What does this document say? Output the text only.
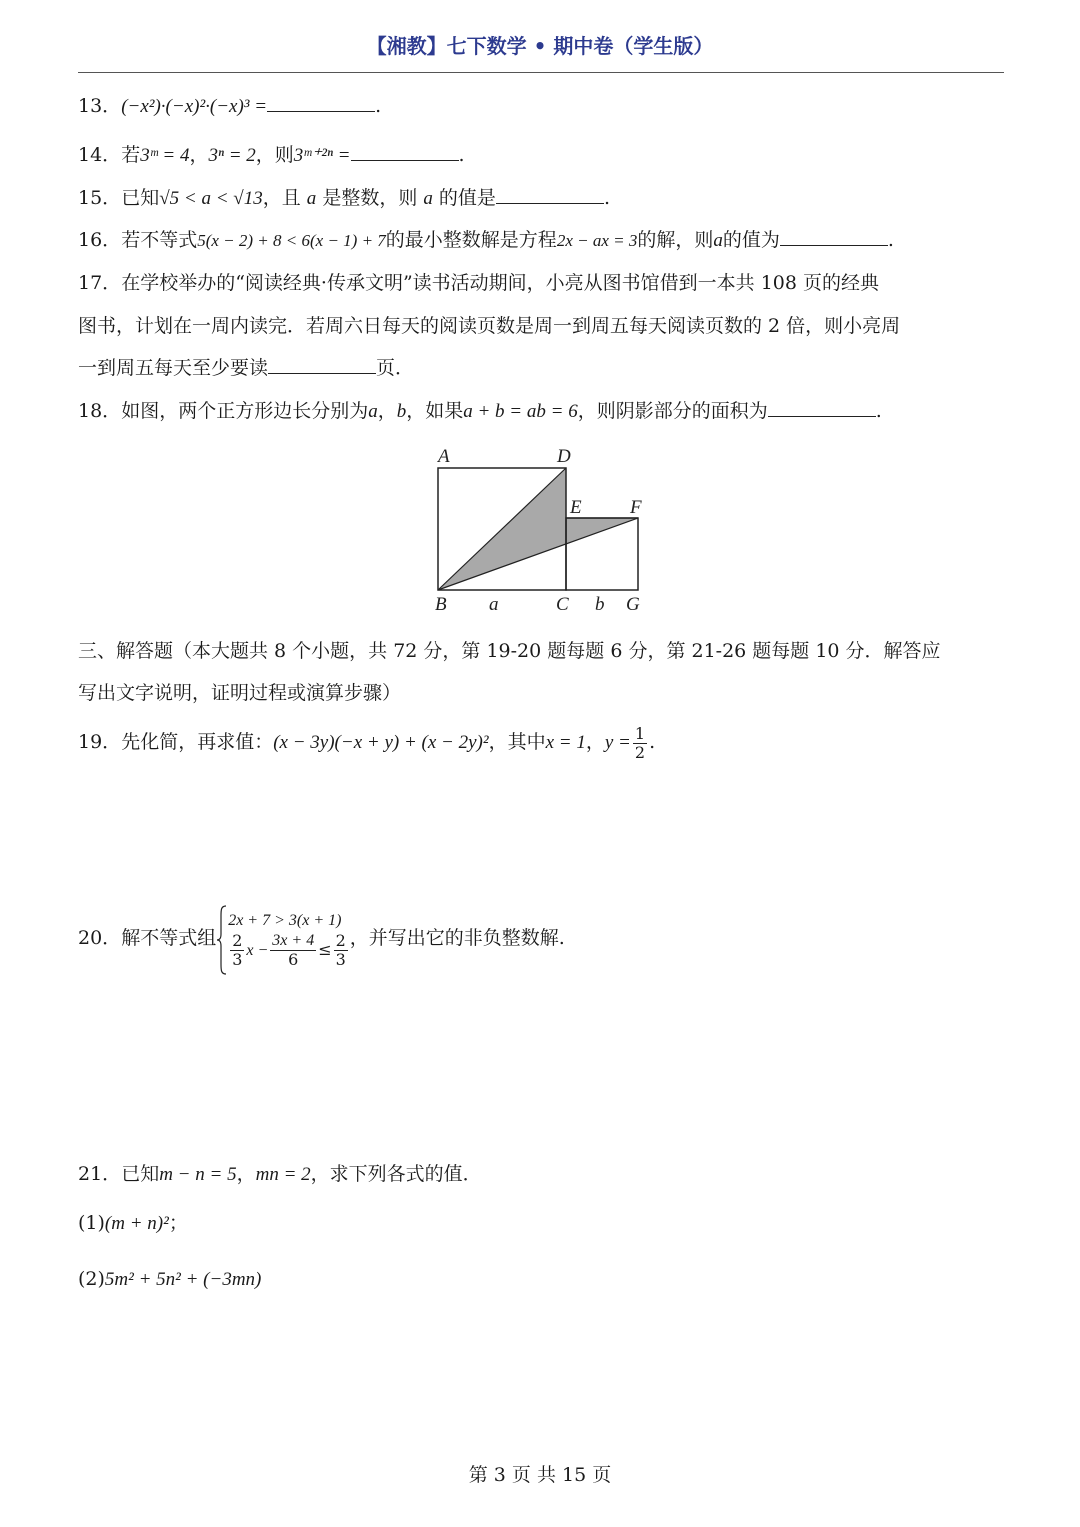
【湘教】七下数学 • 期中卷（学生版）
13．(−x²)·(−x)²·(−x)³ =	.
14．若3ᵐ = 4，3ⁿ = 2，则3ᵐ⁺²ⁿ =	.
15．已知√5 < a < √13，且 a 是整数，则 a 的值是	.
16．若不等式5(x − 2) + 8 < 6(x − 1) + 7的最小整数解是方程2x − ax = 3的解，则a的值为	.
17．在学校举办的“阅读经典·传承文明”读书活动期间，小亮从图书馆借到一本共 108 页的经典
图书，计划在一周内读完．若周六日每天的阅读页数是周一到周五每天阅读页数的 2 倍，则小亮周
一到周五每天至少要读	页．
18．如图，两个正方形边长分别为a，b，如果a + b = ab = 6，则阴影部分的面积为	.
A	D
E	F
B a	C b G
三、解答题（本大题共 8 个小题，共 72 分，第 19-20 题每题 6 分，第 21-26 题每题 10 分．解答应
写出文字说明，证明过程或演算步骤）
19．先化简，再求值：(x − 3y)(−x + y) + (x − 2y)²，其中x = 1，$y = \frac{1}{2}$ .
20．解不等式组
2x + 7 > 3(x + 1)
$\frac{2}{3}$ $x - \frac{3x + 4}{6} \le \frac{2}{3}$ ，并写出它的非负整数解.
21．已知m − n = 5，mn = 2，求下列各式的值．
(1)(m + n)²；
(2)5m² + 5n² + (−3mn)
第 3 页 共 15 页
